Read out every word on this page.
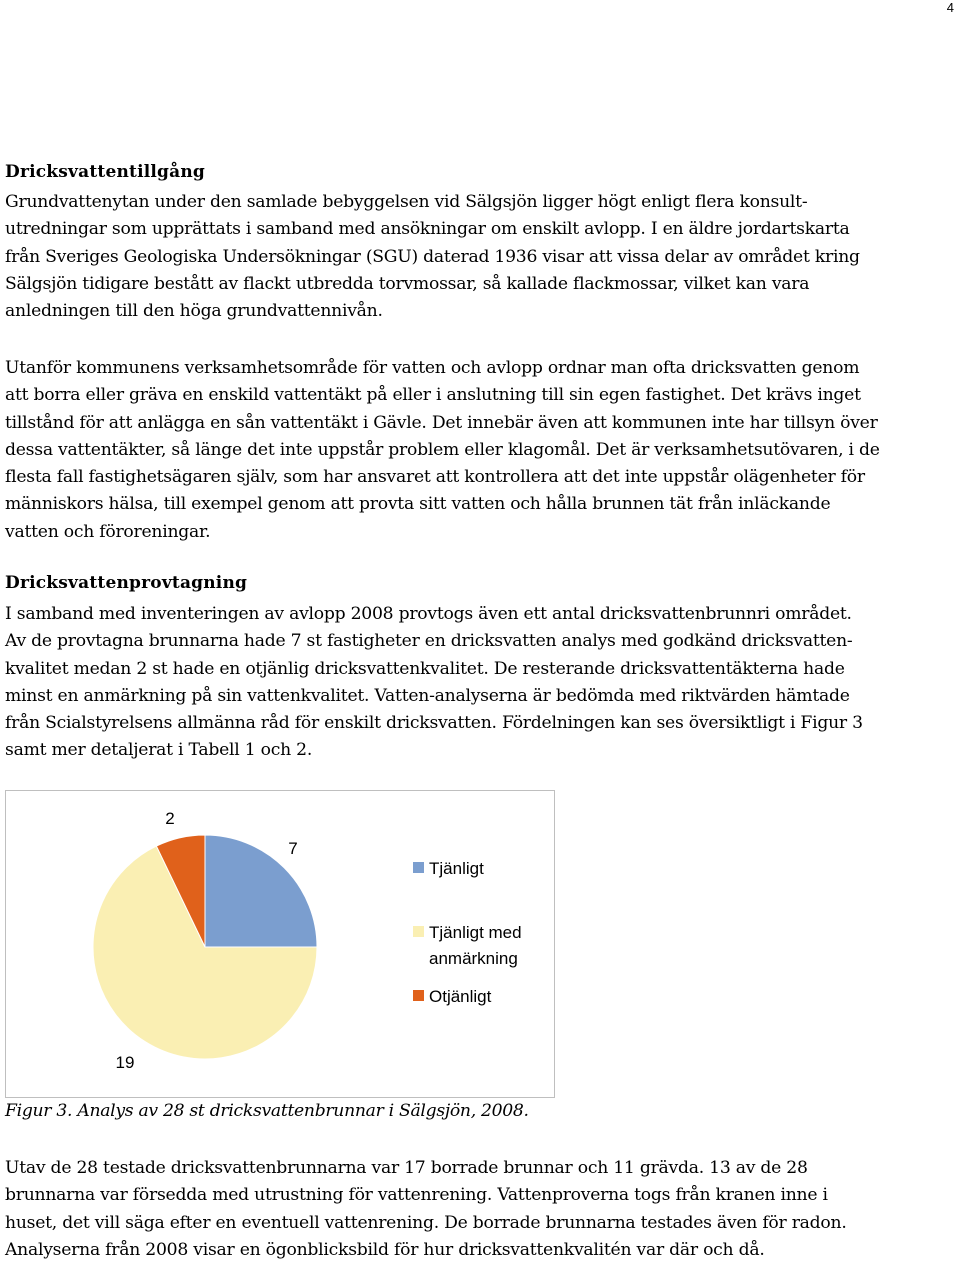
4
Dricksvattentillgång

Grundvattenytan under den samlade bebyggelsen vid Sälgsjön ligger högt enligt flera konsult-
utredningar som upprättats i samband med ansökningar om enskilt avlopp. I en äldre jordartskarta
från Sveriges Geologiska Undersökningar (SGU) daterad 1936 visar att vissa delar av området kring
Sälgsjön tidigare bestått av flackt utbredda torvmossar, så kallade flackmossar, vilket kan vara
anledningen till den höga grundvattennivån.

Utanför kommunens verksamhetsområde för vatten och avlopp ordnar man ofta dricksvatten genom
att borra eller gräva en enskild vattentäkt på eller i anslutning till sin egen fastighet. Det krävs inget
tillstånd för att anlägga en sån vattentäkt i Gävle. Det innebär även att kommunen inte har tillsyn över
dessa vattentäkter, så länge det inte uppstår problem eller klagomål. Det är verksamhetsutövaren, i de
flesta fall fastighetsägaren själv, som har ansvaret att kontrollera att det inte uppstår olägenheter för
människors hälsa, till exempel genom att provta sitt vatten och hålla brunnen tät från inläckande
vatten och föroreningar.

Dricksvattenprovtagning

I samband med inventeringen av avlopp 2008 provtogs även ett antal dricksvattenbrunnri området.
Av de provtagna brunnarna hade 7 st fastigheter en dricksvatten analys med godkänd dricksvatten-
kvalitet medan 2 st hade en otjänlig dricksvattenkvalitet. De resterande dricksvattentäkterna hade
minst en anmärkning på sin vattenkvalitet. Vatten-analyserna är bedömda med riktvärden hämtade
från Scialstyrelsens allmänna råd för enskilt dricksvatten. Fördelningen kan ses översiktligt i Figur 3
samt mer detaljerat i Tabell 1 och 2.

7
19
2
Tjänligt
Tjänligt med
anmärkning
Otjänligt

Figur 3. Analys av 28 st dricksvattenbrunnar i Sälgsjön, 2008.

Utav de 28 testade dricksvattenbrunnarna var 17 borrade brunnar och 11 grävda. 13 av de 28
brunnarna var försedda med utrustning för vattenrening. Vattenproverna togs från kranen inne i
huset, det vill säga efter en eventuell vattenrening. De borrade brunnarna testades även för radon.
Analyserna från 2008 visar en ögonblicksbild för hur dricksvattenkvalitén var där och då.
